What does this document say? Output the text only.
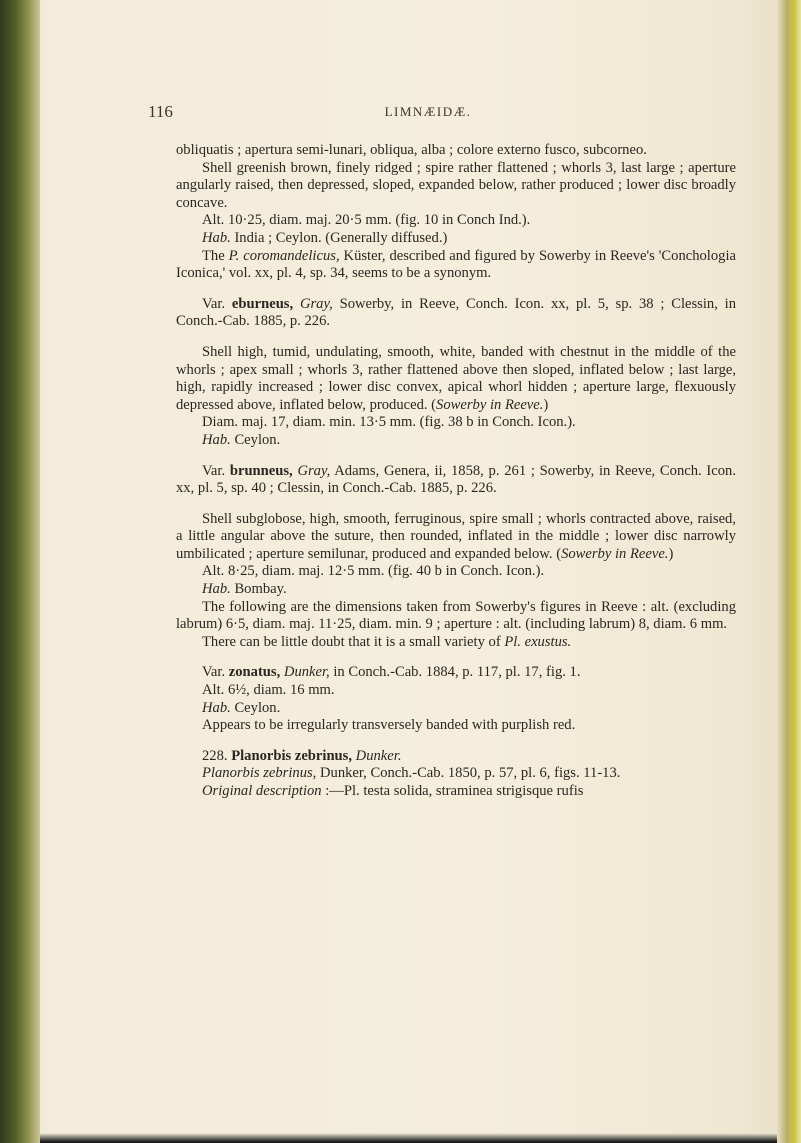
116	LIMNÆIDÆ.

obliquatis ; apertura semi-lunari, obliqua, alba ; colore externo fusco, subcorneo.

Shell greenish brown, finely ridged ; spire rather flattened ; whorls 3, last large ; aperture angularly raised, then depressed, sloped, expanded below, rather produced ; lower disc broadly concave.

Alt. 10·25, diam. maj. 20·5 mm. (fig. 10 in Conch Ind.).

Hab. India ; Ceylon. (Generally diffused.)

The P. coromandelicus, Küster, described and figured by Sowerby in Reeve's 'Conchologia Iconica,' vol. xx, pl. 4, sp. 34, seems to be a synonym.

Var. eburneus, Gray, Sowerby, in Reeve, Conch. Icon. xx, pl. 5, sp. 38 ; Clessin, in Conch.-Cab. 1885, p. 226.

Shell high, tumid, undulating, smooth, white, banded with chestnut in the middle of the whorls ; apex small ; whorls 3, rather flattened above then sloped, inflated below ; last large, high, rapidly increased ; lower disc convex, apical whorl hidden ; aperture large, flexuously depressed above, inflated below, produced. (Sowerby in Reeve.)

Diam. maj. 17, diam. min. 13·5 mm. (fig. 38 b in Conch. Icon.).

Hab. Ceylon.

Var. brunneus, Gray, Adams, Genera, ii, 1858, p. 261 ; Sowerby, in Reeve, Conch. Icon. xx, pl. 5, sp. 40 ; Clessin, in Conch.-Cab. 1885, p. 226.

Shell subglobose, high, smooth, ferruginous, spire small ; whorls contracted above, raised, a little angular above the suture, then rounded, inflated in the middle ; lower disc narrowly umbilicated ; aperture semilunar, produced and expanded below. (Sowerby in Reeve.)

Alt. 8·25, diam. maj. 12·5 mm. (fig. 40 b in Conch. Icon.).

Hab. Bombay.

The following are the dimensions taken from Sowerby's figures in Reeve : alt. (excluding labrum) 6·5, diam. maj. 11·25, diam. min. 9 ; aperture : alt. (including labrum) 8, diam. 6 mm.

There can be little doubt that it is a small variety of Pl. exustus.

Var. zonatus, Dunker, in Conch.-Cab. 1884, p. 117, pl. 17, fig. 1.

Alt. 6½, diam. 16 mm.

Hab. Ceylon.

Appears to be irregularly transversely banded with purplish red.

228. Planorbis zebrinus, Dunker.

Planorbis zebrinus, Dunker, Conch.-Cab. 1850, p. 57, pl. 6, figs. 11-13.

Original description :—Pl. testa solida, straminea strigisque rufis
